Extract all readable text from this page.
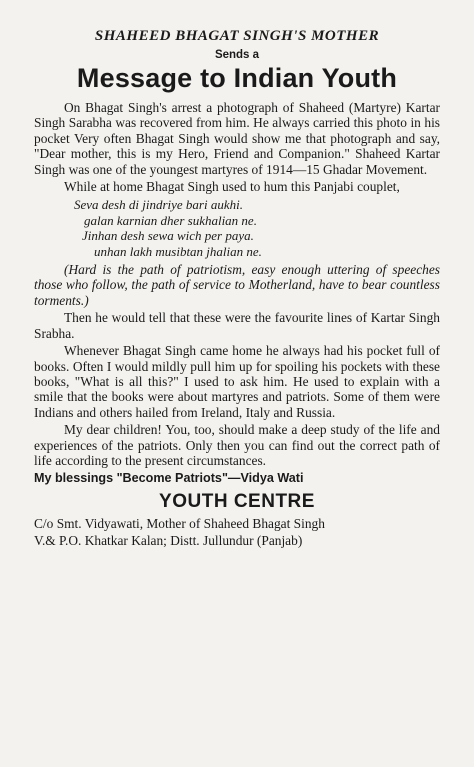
SHAHEED BHAGAT SINGH'S MOTHER
Sends a
Message to Indian Youth

On Bhagat Singh's arrest a photograph of Shaheed (Martyre) Kartar Singh Sarabha was recovered from him. He always carried this photo in his pocket Very often Bhagat Singh would show me that photograph and say, "Dear mother, this is my Hero, Friend and Companion." Shaheed Kartar Singh was one of the youngest martyres of 1914—15 Ghadar Movement.

While at home Bhagat Singh used to hum this Panjabi couplet,

Seva desh di jindriye bari aukhi.
galan karnian dher sukhalian ne.
Jinhan desh sewa wich per paya.
unhan lakh musibtan jhalian ne.

(Hard is the path of patriotism, easy enough uttering of speeches those who follow, the path of service to Motherland, have to bear countless torments.)

Then he would tell that these were the favourite lines of Kartar Singh Srabha.

Whenever Bhagat Singh came home he always had his pocket full of books. Often I would mildly pull him up for spoiling his pockets with these books, "What is all this?" I used to ask him. He used to explain with a smile that the books were about martyres and patriots. Some of them were Indians and others hailed from Ireland, Italy and Russia.

My dear children! You, too, should make a deep study of the life and experiences of the patriots. Only then you can find out the correct path of life according to the present circumstances.

My blessings "Become Patriots"—Vidya Wati
YOUTH CENTRE
C/o Smt. Vidyawati, Mother of Shaheed Bhagat Singh
V.& P.O. Khatkar Kalan; Distt. Jullundur (Panjab)
